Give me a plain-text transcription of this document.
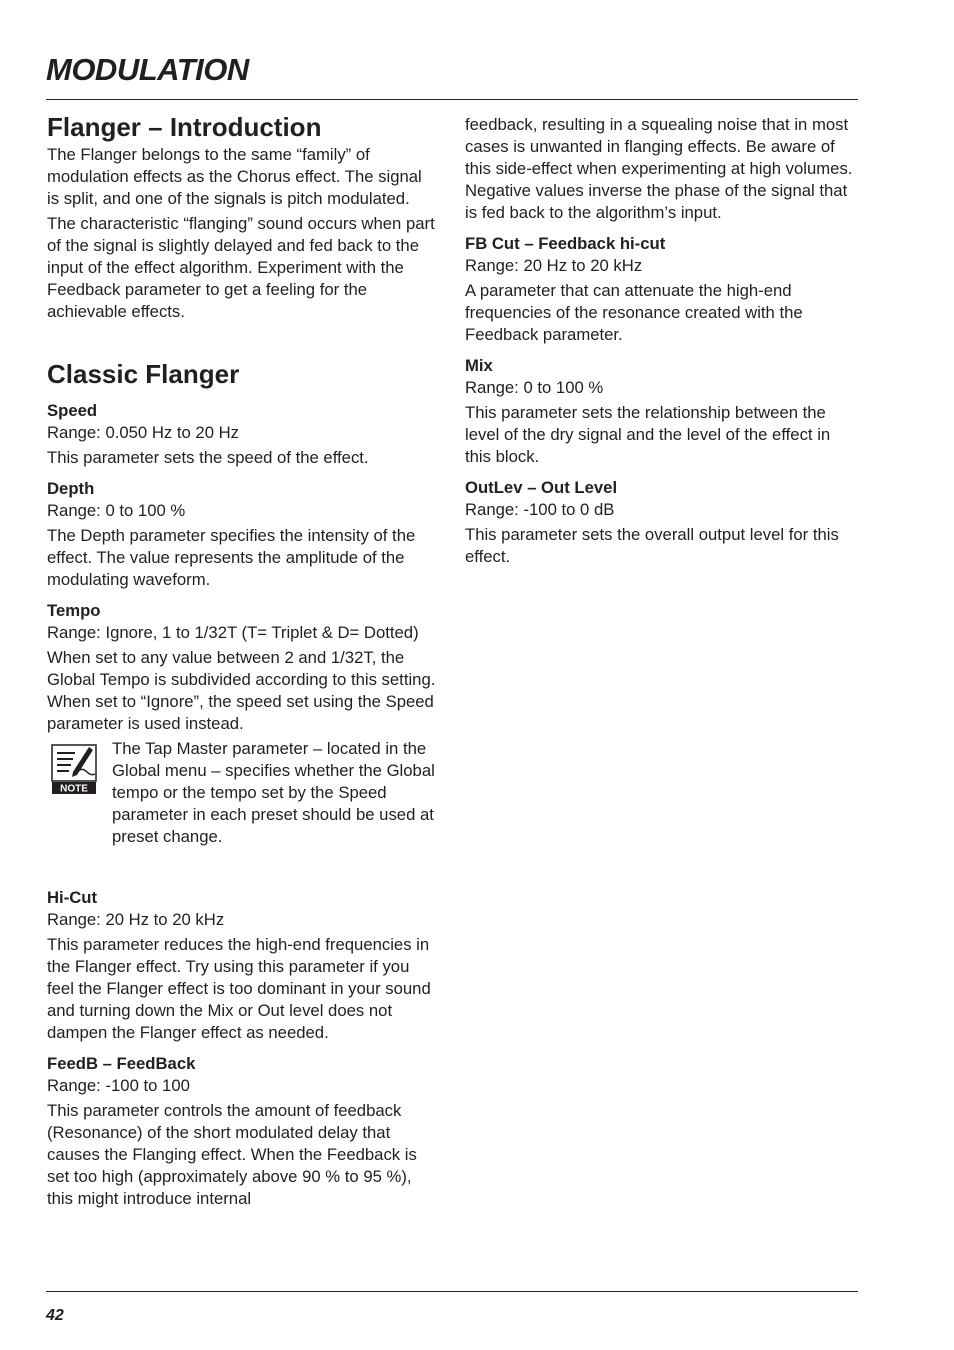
MODULATION
Flanger – Introduction

The Flanger belongs to the same “family” of modulation effects as the Chorus effect. The signal is split, and one of the signals is pitch modulated.

The characteristic “flanging” sound occurs when part of the signal is slightly delayed and fed back to the input of the effect algorithm. Experiment with the Feedback parameter to get a feeling for the achievable effects.

Classic Flanger
Speed

Range: 0.050 Hz to 20 Hz

This parameter sets the speed of the effect.

Depth

Range: 0 to 100 %

The Depth parameter specifies the intensity of the effect. The value represents the amplitude of the modulating waveform.

Tempo

Range: Ignore, 1 to 1/32T (T= Triplet & D= Dotted)

When set to any value between 2 and 1/32T, the Global Tempo is subdivided according to this setting. When set to “Ignore”, the speed set using the Speed parameter is used instead.

NOTE

The Tap Master parameter – located in the Global menu – specifies whether the Global tempo or the tempo set by the Speed parameter in each preset should be used at preset change.

Hi-Cut

Range: 20 Hz to 20 kHz

This parameter reduces the high-end frequencies in the Flanger effect. Try using this parameter if you feel the Flanger effect is too dominant in your sound and turning down the Mix or Out level does not dampen the Flanger effect as needed.

FeedB – FeedBack

Range: -100 to 100

This parameter controls the amount of feedback (Resonance) of the short modulated delay that causes the Flanging effect. When the Feedback is set too high (approximately above 90 % to 95 %), this might introduce internal

feedback, resulting in a squealing noise that in most cases is unwanted in flanging effects. Be aware of this side-effect when experimenting at high volumes. Negative values inverse the phase of the signal that is fed back to the algorithm’s input.

FB Cut – Feedback hi-cut

Range: 20 Hz to 20 kHz

A parameter that can attenuate the high-end frequencies of the resonance created with the Feedback parameter.

Mix

Range: 0 to 100 %

This parameter sets the relationship between the level of the dry signal and the level of the effect in this block.

OutLev – Out Level

Range: -100 to 0 dB

This parameter sets the overall output level for this effect.

42
